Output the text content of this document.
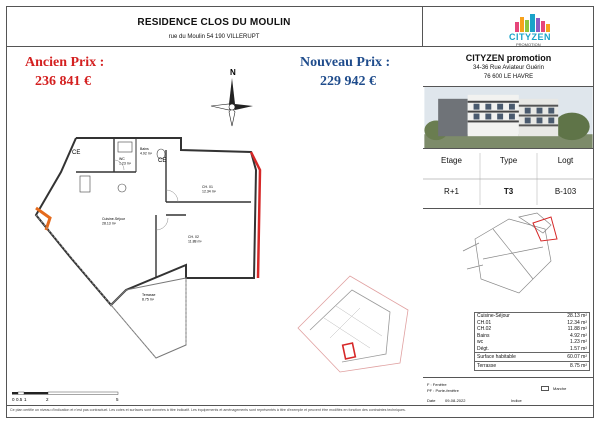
RESIDENCE CLOS DU MOULIN
rue du Moulin 54 190 VILLERUPT	CITYZEN
PROMOTION
Ancien Prix :
236 841 €
Nouveau Prix :
229 942 €
N
CITYZEN promotion
34-36 Rue Aviateur Guérin
76 600 LE HAVRE
Etage	Type	Logt
R+1	T3	B-103
CE
CE
Cuisine-Séjour 28.13 m²
CH. 01 12.34 m²
CH. 02 11.88 m²
Bains 4.92 m²
WC 1.23 m²
Terrasse 8.75 m²
Cuisine-Séjour	28.13 m²
CH.01	12.34 m²
CH.02	11.88 m²
Bains	4.92 m²
wc	1.23 m²
Dégt.	1.57 m²
Surface habitable	60.07 m²
Terrasse	8.75 m²
F : Fenêtre
PF : Porte-fenêtre	Marche
Date 09-08-2022	Indice
0 0.5 1	2	5
Ce plan certifie un niveau d'indication et n'est pas contractuel. Les cotes et surfaces sont données à titre indicatif. Les équipements et aménagements sont représentés à titre d'exemple et peuvent être modifiés en fonction des contraintes techniques.
